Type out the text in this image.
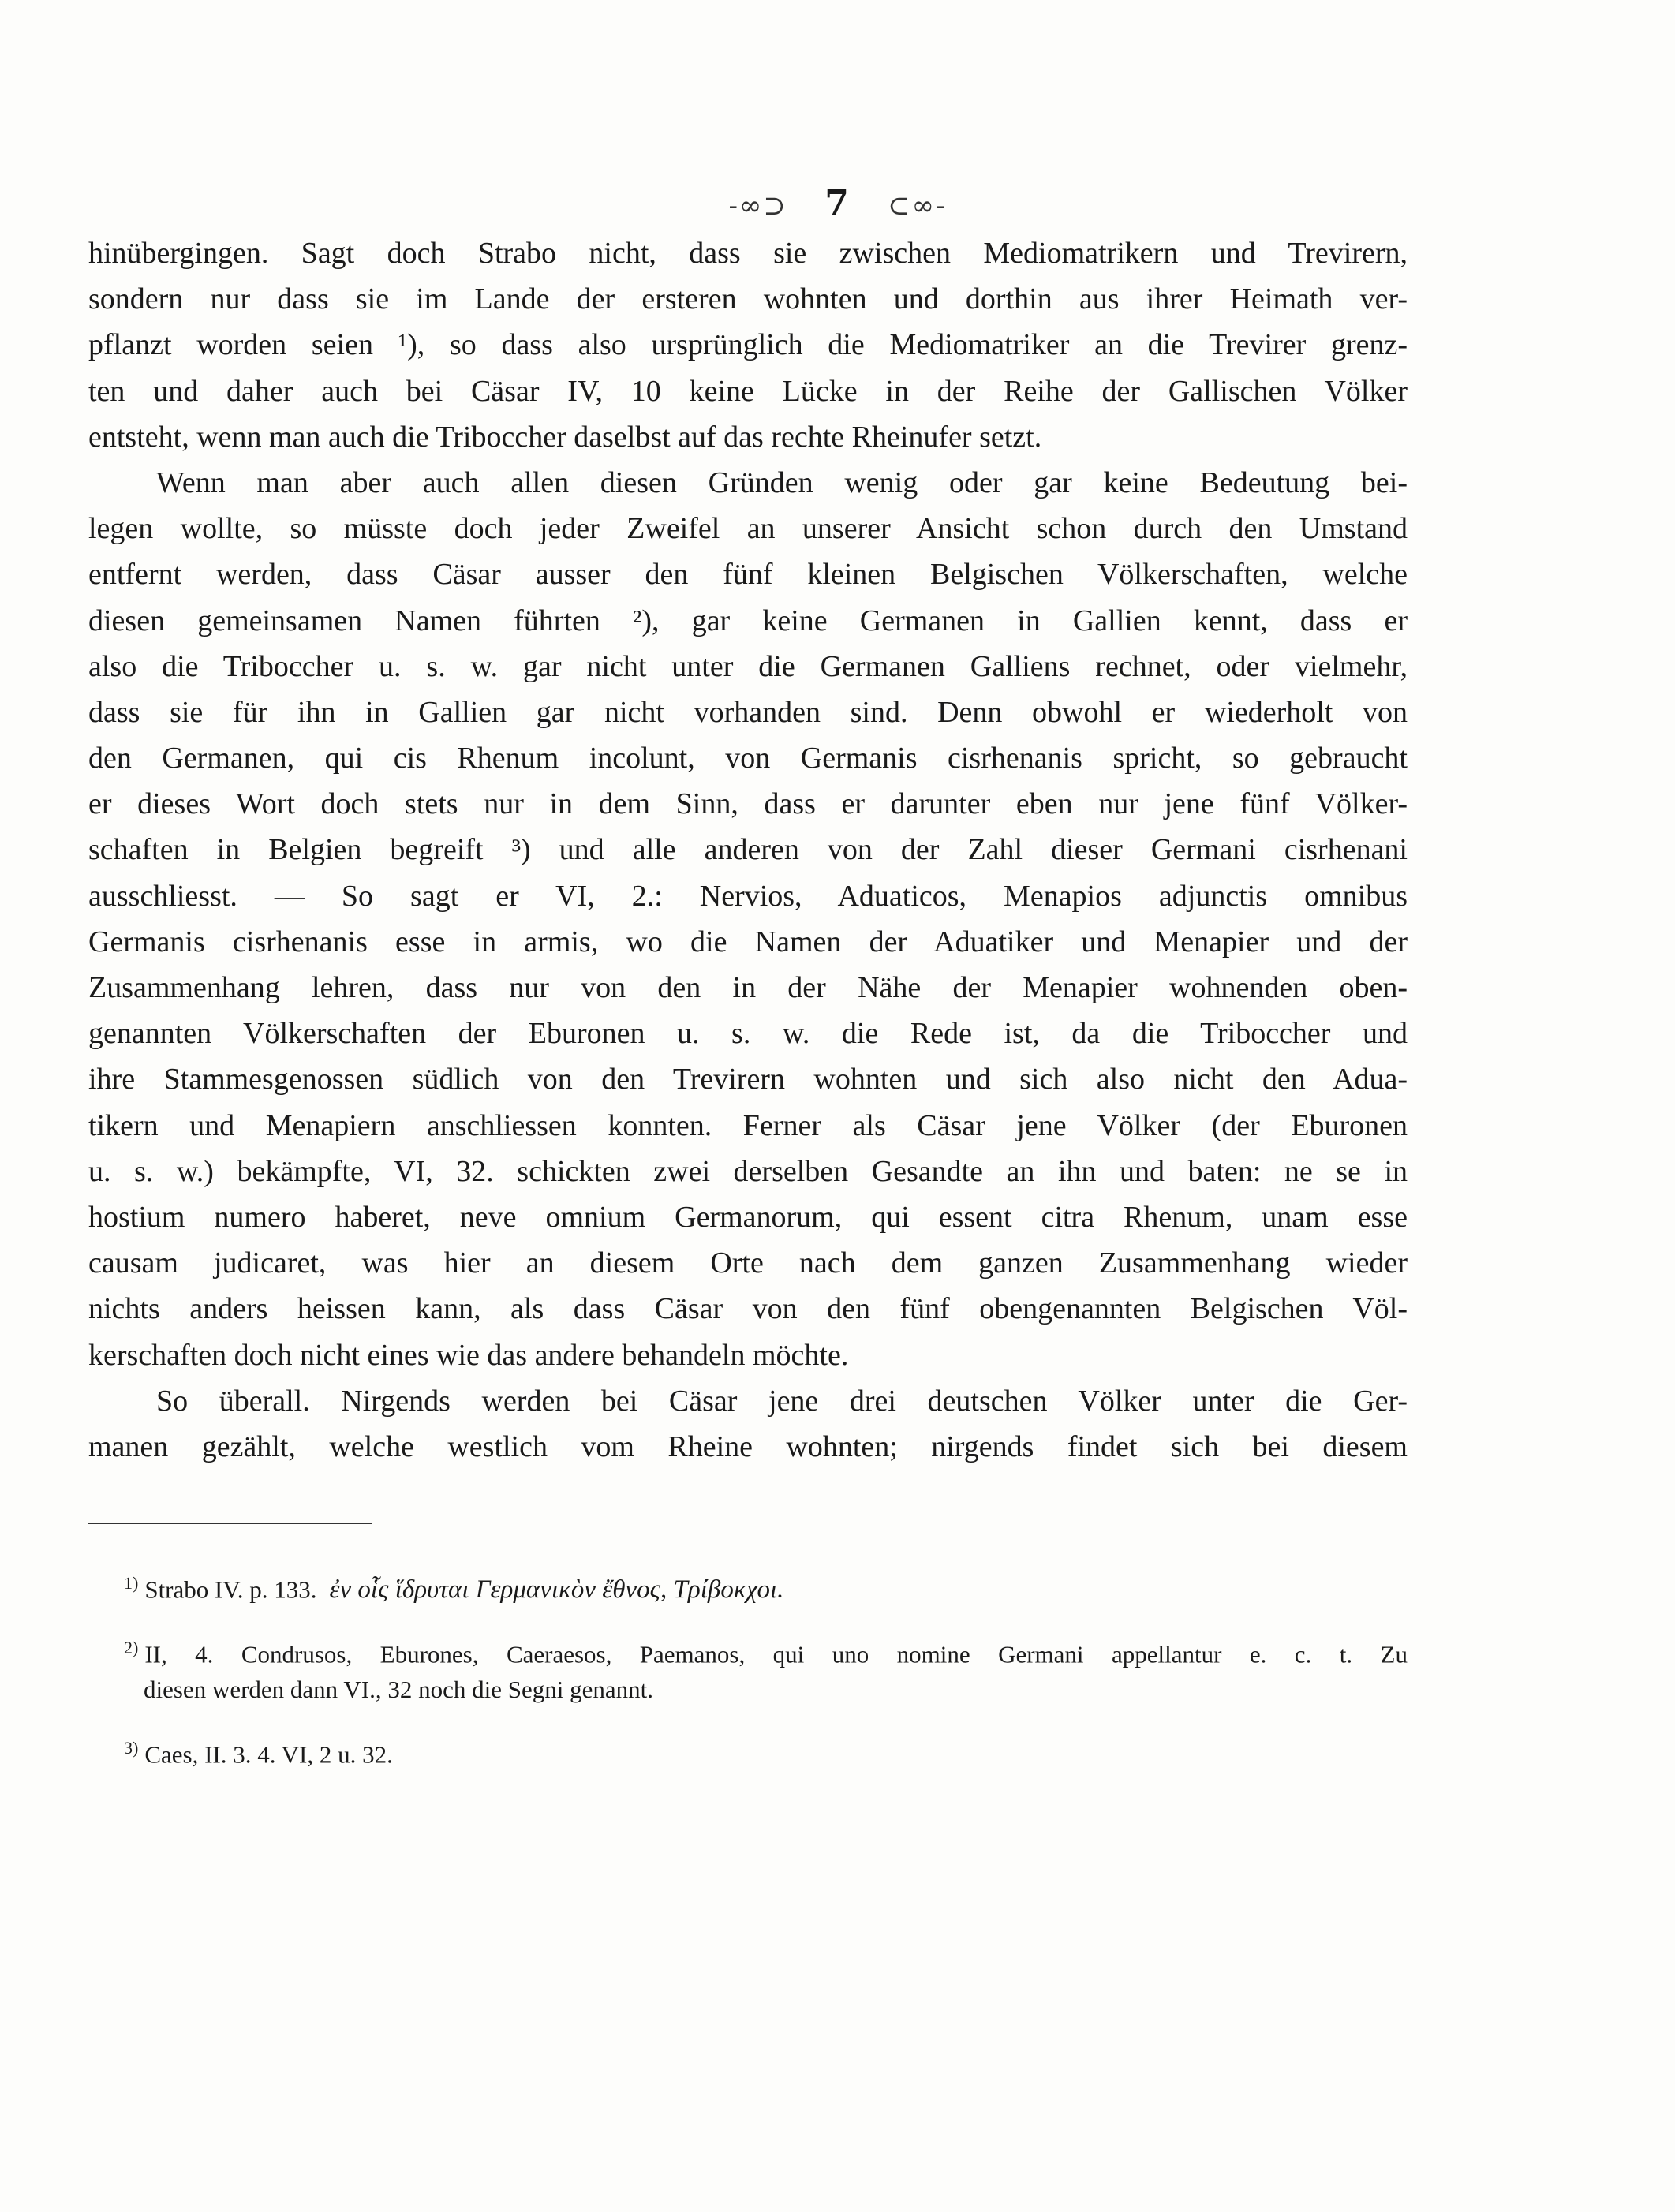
-∞⊃ 7 ⊂∞-
hinübergingen. Sagt doch Strabo nicht, dass sie zwischen Mediomatrikern und Trevirern,
sondern nur dass sie im Lande der ersteren wohnten und dorthin aus ihrer Heimath ver-
pflanzt worden seien ¹), so dass also ursprünglich die Mediomatriker an die Trevirer grenz-
ten und daher auch bei Cäsar IV, 10 keine Lücke in der Reihe der Gallischen Völker
entsteht, wenn man auch die Triboccher daselbst auf das rechte Rheinufer setzt.
Wenn man aber auch allen diesen Gründen wenig oder gar keine Bedeutung bei-
legen wollte, so müsste doch jeder Zweifel an unserer Ansicht schon durch den Umstand
entfernt werden, dass Cäsar ausser den fünf kleinen Belgischen Völkerschaften, welche
diesen gemeinsamen Namen führten ²), gar keine Germanen in Gallien kennt, dass er
also die Triboccher u. s. w. gar nicht unter die Germanen Galliens rechnet, oder vielmehr,
dass sie für ihn in Gallien gar nicht vorhanden sind. Denn obwohl er wiederholt von
den Germanen, qui cis Rhenum incolunt, von Germanis cisrhenanis spricht, so gebraucht
er dieses Wort doch stets nur in dem Sinn, dass er darunter eben nur jene fünf Völker-
schaften in Belgien begreift ³) und alle anderen von der Zahl dieser Germani cisrhenani
ausschliesst. — So sagt er VI, 2.: Nervios, Aduaticos, Menapios adjunctis omnibus
Germanis cisrhenanis esse in armis, wo die Namen der Aduatiker und Menapier und der
Zusammenhang lehren, dass nur von den in der Nähe der Menapier wohnenden oben-
genannten Völkerschaften der Eburonen u. s. w. die Rede ist, da die Triboccher und
ihre Stammesgenossen südlich von den Trevirern wohnten und sich also nicht den Adua-
tikern und Menapiern anschliessen konnten. Ferner als Cäsar jene Völker (der Eburonen
u. s. w.) bekämpfte, VI, 32. schickten zwei derselben Gesandte an ihn und baten: ne se in
hostium numero haberet, neve omnium Germanorum, qui essent citra Rhenum, unam esse
causam judicaret, was hier an diesem Orte nach dem ganzen Zusammenhang wieder
nichts anders heissen kann, als dass Cäsar von den fünf obengenannten Belgischen Völ-
kerschaften doch nicht eines wie das andere behandeln möchte.
So überall. Nirgends werden bei Cäsar jene drei deutschen Völker unter die Ger-
manen gezählt, welche westlich vom Rheine wohnten; nirgends findet sich bei diesem
$^{1)}$ Strabo IV. p. 133. ἐν οἷς ἵδρυται Γερμανικὸν ἔθνος, Τρίβοκχοι.
$^{2)}$ II, 4. Condrusos, Eburones, Caeraesos, Paemanos, qui uno nomine Germani appellantur e. c. t. Zu
diesen werden dann VI., 32 noch die Segni genannt.
$^{3)}$ Caes, II. 3. 4. VI, 2 u. 32.
